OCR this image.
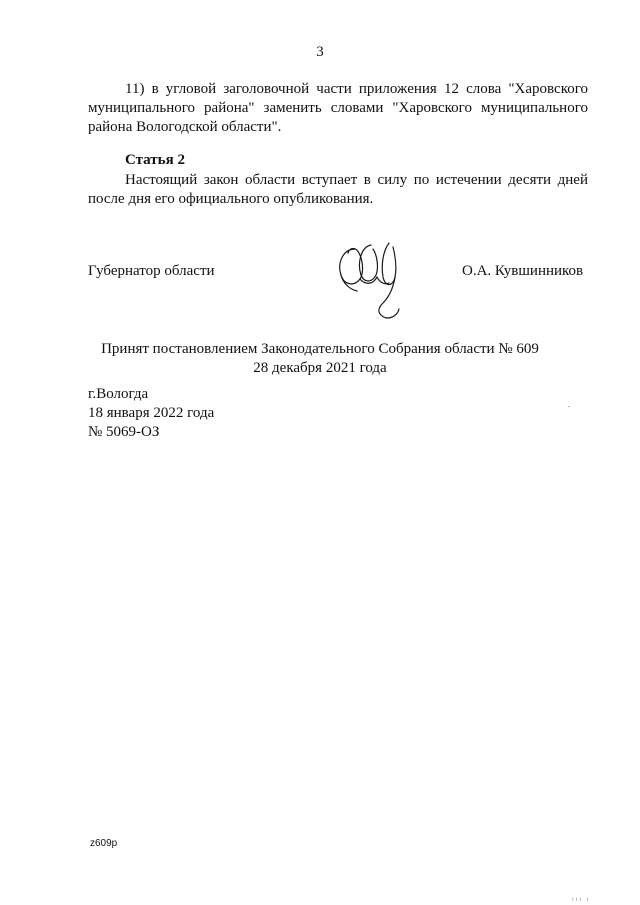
3
11) в угловой заголовочной части приложения 12 слова "Харовского муниципального района" заменить словами "Харовского муниципального района Вологодской области".
Статья 2
Настоящий закон области вступает в силу по истечении десяти дней после дня его официального опубликования.
Губернатор области	О.А. Кувшинников
Принят постановлением Законодательного Собрания области № 609
28 декабря 2021 года
г.Вологда
18 января 2022 года
№ 5069-ОЗ
z609p
ııı ı
